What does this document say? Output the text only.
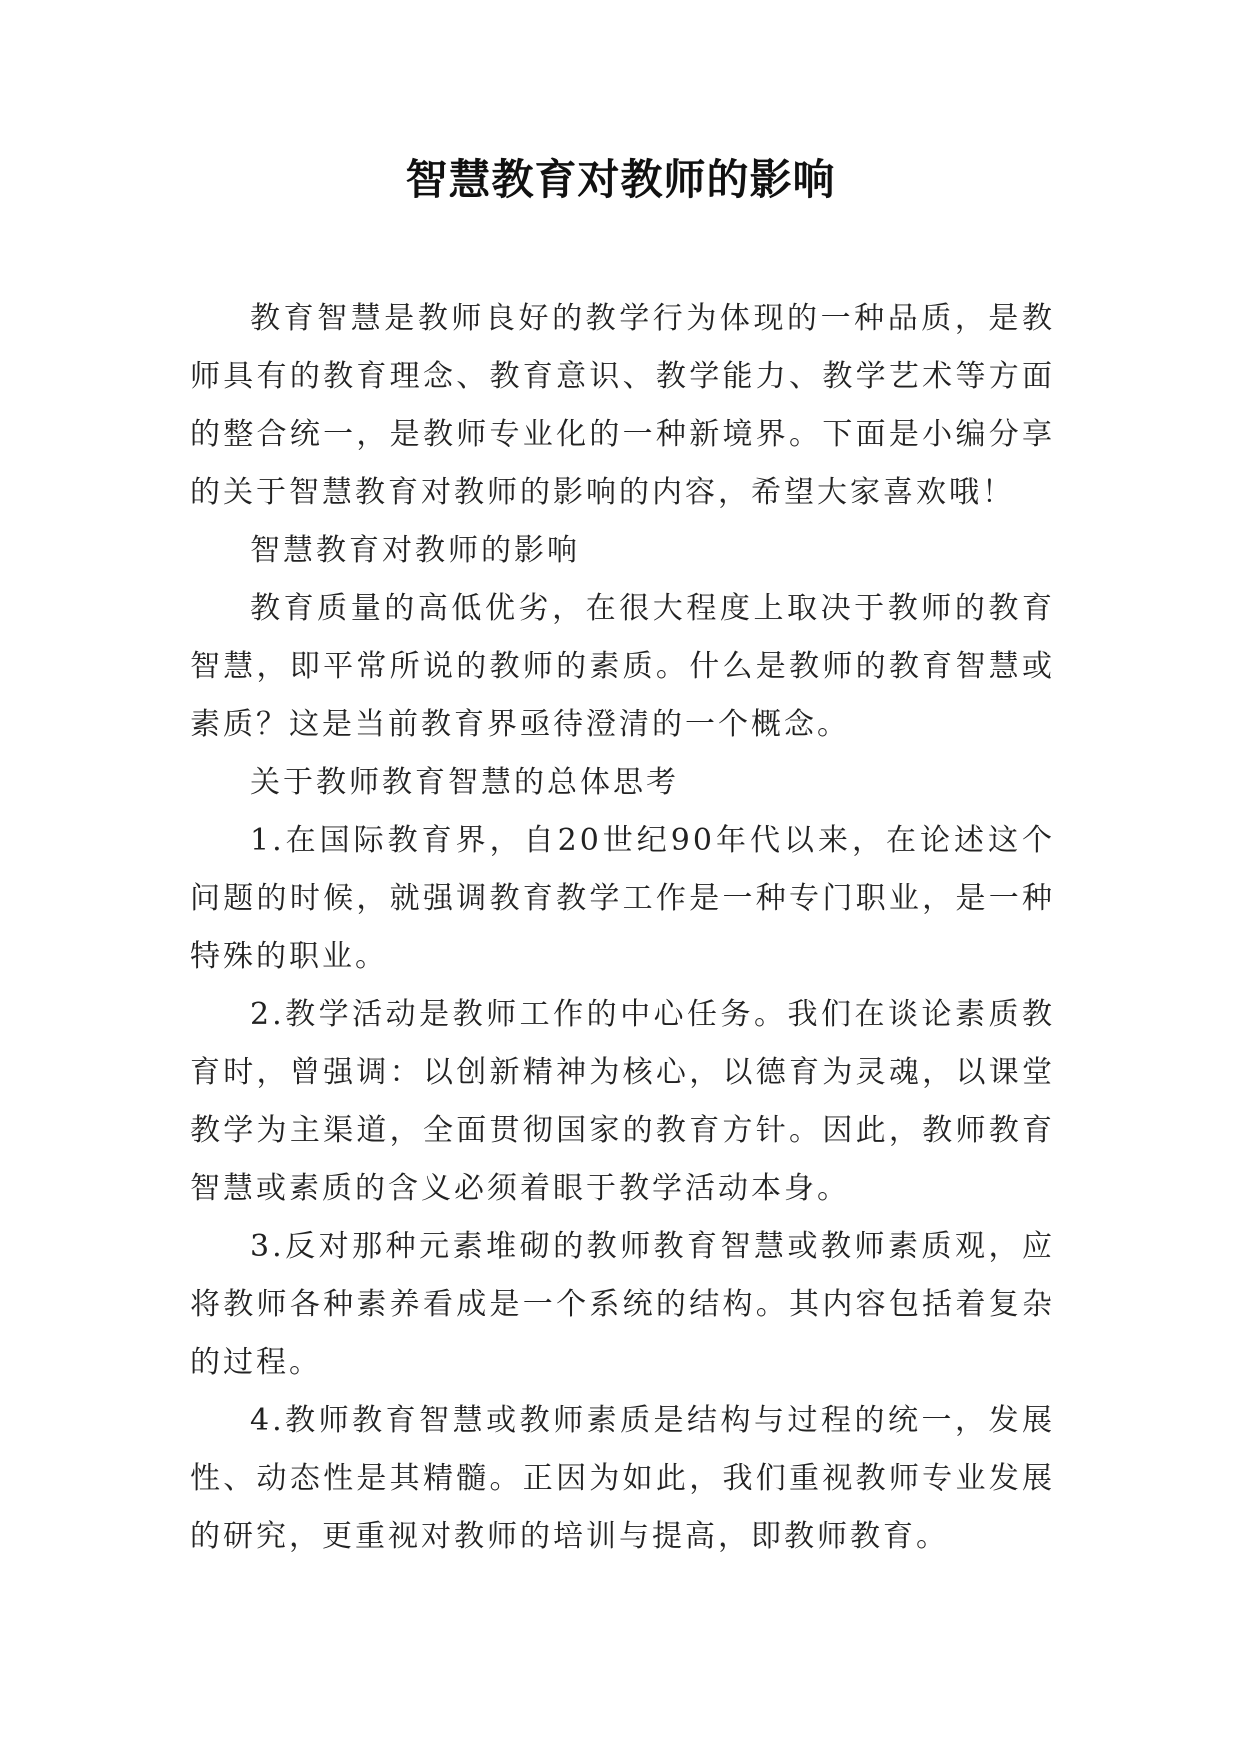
智慧教育对教师的影响

教育智慧是教师良好的教学行为体现的一种品质，是教师具有的教育理念、教育意识、教学能力、教学艺术等方面的整合统一，是教师专业化的一种新境界。下面是小编分享的关于智慧教育对教师的影响的内容，希望大家喜欢哦！

智慧教育对教师的影响

教育质量的高低优劣，在很大程度上取决于教师的教育智慧，即平常所说的教师的素质。什么是教师的教育智慧或素质？这是当前教育界亟待澄清的一个概念。

关于教师教育智慧的总体思考

1.在国际教育界，自20世纪90年代以来，在论述这个问题的时候，就强调教育教学工作是一种专门职业，是一种特殊的职业。

2.教学活动是教师工作的中心任务。我们在谈论素质教育时，曾强调：以创新精神为核心，以德育为灵魂，以课堂教学为主渠道，全面贯彻国家的教育方针。因此，教师教育智慧或素质的含义必须着眼于教学活动本身。

3.反对那种元素堆砌的教师教育智慧或教师素质观，应将教师各种素养看成是一个系统的结构。其内容包括着复杂的过程。

4.教师教育智慧或教师素质是结构与过程的统一，发展性、动态性是其精髓。正因为如此，我们重视教师专业发展的研究，更重视对教师的培训与提高，即教师教育。
